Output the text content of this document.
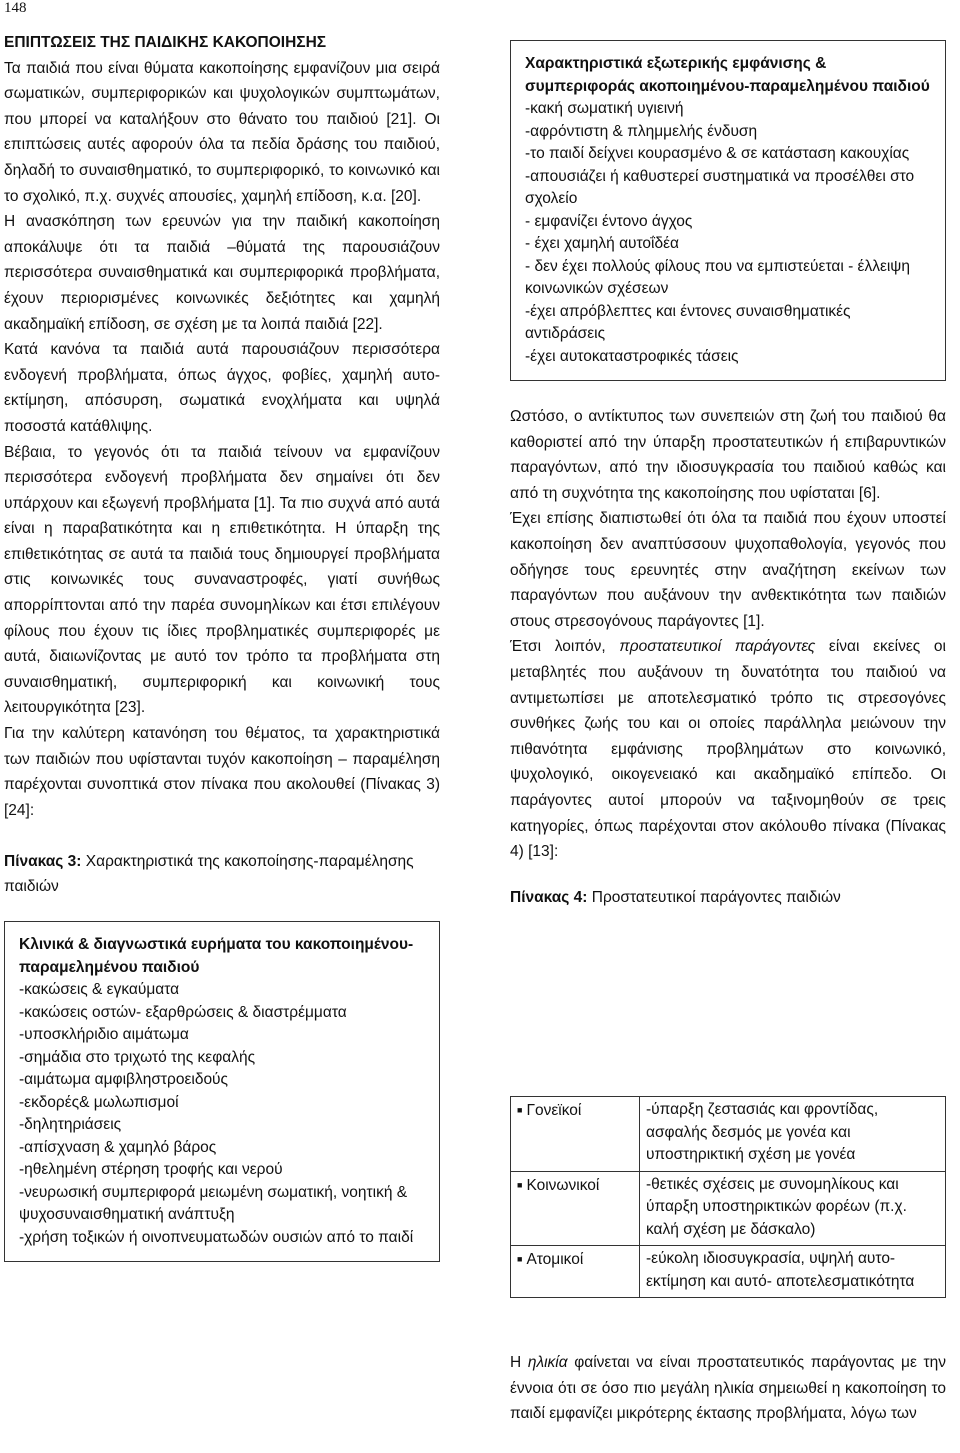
148

ΕΠΙΠΤΩΣΕΙΣ ΤΗΣ ΠΑΙΔΙΚΗΣ ΚΑΚΟΠΟΙΗΣΗΣ

Τα παιδιά που είναι θύματα κακοποίησης εμφανίζουν μια σειρά σωματικών, συμπεριφορικών και ψυχολογικών συμπτωμάτων, που μπορεί να καταλήξουν στο θάνατο του παιδιού [21]. Οι επιπτώσεις αυτές αφορούν όλα τα πεδία δράσης του παιδιού, δηλαδή το συναισθηματικό, το συμπεριφορικό, το κοινωνικό και το σχολικό, π.χ. συχνές απουσίες, χαμηλή επίδοση, κ.α. [20].

Η ανασκόπηση των ερευνών για την παιδική κακοποίηση αποκάλυψε ότι τα παιδιά –θύματά της παρουσιάζουν περισσότερα συναισθηματικά και συμπεριφορικά προβλήματα, έχουν περιορισμένες κοινωνικές δεξιότητες και χαμηλή ακαδημαϊκή επίδοση, σε σχέση με τα λοιπά παιδιά [22].

Κατά κανόνα τα παιδιά αυτά παρουσιάζουν περισσότερα ενδογενή προβλήματα, όπως άγχος, φοβίες, χαμηλή αυτο- εκτίμηση, απόσυρση, σωματικά ενοχλήματα και υψηλά ποσοστά κατάθλιψης.

Βέβαια, το γεγονός ότι τα παιδιά τείνουν να εμφανίζουν περισσότερα ενδογενή προβλήματα δεν σημαίνει ότι δεν υπάρχουν και εξωγενή προβλήματα [1]. Τα πιο συχνά από αυτά είναι η παραβατικότητα και η επιθετικότητα. Η ύπαρξη της επιθετικότητας σε αυτά τα παιδιά τους δημιουργεί προβλήματα στις κοινωνικές τους συναναστροφές, γιατί συνήθως απορρίπτονται από την παρέα συνομηλίκων και έτσι επιλέγουν φίλους που έχουν τις ίδιες προβληματικές συμπεριφορές με αυτά, διαιωνίζοντας με αυτό τον τρόπο τα προβλήματα στη συναισθηματική, συμπεριφορική και κοινωνική τους λειτουργικότητα [23].

Για την καλύτερη κατανόηση του θέματος, τα χαρακτηριστικά των παιδιών που υφίστανται τυχόν κακοποίηση – παραμέληση παρέχονται συνοπτικά στον πίνακα που ακολουθεί (Πίνακας 3)[24]:

Πίνακας 3: Χαρακτηριστικά της κακοποίησης-παραμέλησης παιδιών

Κλινικά & διαγνωστικά ευρήματα του κακοποιημένου-παραμελημένου παιδιού

-κακώσεις & εγκαύματα

-κακώσεις οστών- εξαρθρώσεις & διαστρέμματα

-υποσκλήριδιο αιμάτωμα

-σημάδια στο τριχωτό της κεφαλής

-αιμάτωμα αμφιβληστροειδούς

-εκδορές& μωλωπισμοί

-δηλητηριάσεις

-απίσχναση & χαμηλό βάρος

-ηθελημένη στέρηση τροφής και νερού

-νευρωσική συμπεριφορά μειωμένη σωματική, νοητική & ψυχοσυναισθηματική ανάπτυξη

-χρήση τοξικών ή οινοπνευματωδών ουσιών από το παιδί

Χαρακτηριστικά εξωτερικής εμφάνισης & συμπεριφοράς ακοποιημένου-παραμελημένου παιδιού

-κακή σωματική υγιεινή

-αφρόντιστη & πλημμελής ένδυση

-το παιδί δείχνει κουρασμένο & σε κατάσταση κακουχίας

-απουσιάζει ή καθυστερεί συστηματικά να προσέλθει στο

σχολείο

- εμφανίζει έντονο άγχος

- έχει χαμηλή αυτοΐδέα

- δεν έχει πολλούς φίλους που να εμπιστεύεται - έλλειψη κοινωνικών σχέσεων

-έχει απρόβλεπτες και έντονες συναισθηματικές αντιδράσεις

-έχει αυτοκαταστροφικές τάσεις

Ωστόσο, ο αντίκτυπος των συνεπειών στη ζωή του παιδιού θα καθοριστεί από την ύπαρξη προστατευτικών ή επιβαρυντικών παραγόντων, από την ιδιοσυγκρασία του παιδιού καθώς και από τη συχνότητα της κακοποίησης που υφίσταται [6].

Έχει επίσης διαπιστωθεί ότι όλα τα παιδιά που έχουν υποστεί κακοποίηση δεν αναπτύσσουν ψυχοπαθολογία, γεγονός που οδήγησε τους ερευνητές στην αναζήτηση εκείνων των παραγόντων που αυξάνουν την ανθεκτικότητα των παιδιών στους στρεσογόνους παράγοντες [1].

Έτσι λοιπόν, προστατευτικοί παράγοντες είναι εκείνες οι μεταβλητές που αυξάνουν τη δυνατότητα του παιδιού να αντιμετωπίσει με αποτελεσματικό τρόπο τις στρεσογόνες συνθήκες ζωής του και οι οποίες παράλληλα μειώνουν την πιθανότητα εμφάνισης προβλημάτων στο κοινωνικό, ψυχολογικό, οικογενειακό και ακαδημαϊκό επίπεδο. Οι παράγοντες αυτοί μπορούν να ταξινομηθούν σε τρεις κατηγορίες, όπως παρέχονται στον ακόλουθο πίνακα (Πίνακας 4) [13]:

Πίνακας 4: Προστατευτικοί παράγοντες παιδιών

■ Γονεϊκοί	-ύπαρξη ζεστασιάς και φροντίδας, ασφαλής δεσμός με γονέα και υποστηρικτική σχέση με γονέα
■ Κοινωνικοί	-θετικές σχέσεις με συνομηλίκους και ύπαρξη υποστηρικτικών φορέων (π.χ. καλή σχέση με δάσκαλο)
■ Ατομικοί	-εύκολη ιδιοσυγκρασία, υψηλή αυτο-εκτίμηση και αυτό- αποτελεσματικότητα

Η ηλικία φαίνεται να είναι προστατευτικός παράγοντας με την έννοια ότι σε όσο πιο μεγάλη ηλικία σημειωθεί η κακοποίηση το παιδί εμφανίζει μικρότερης έκτασης προβλήματα, λόγω των
